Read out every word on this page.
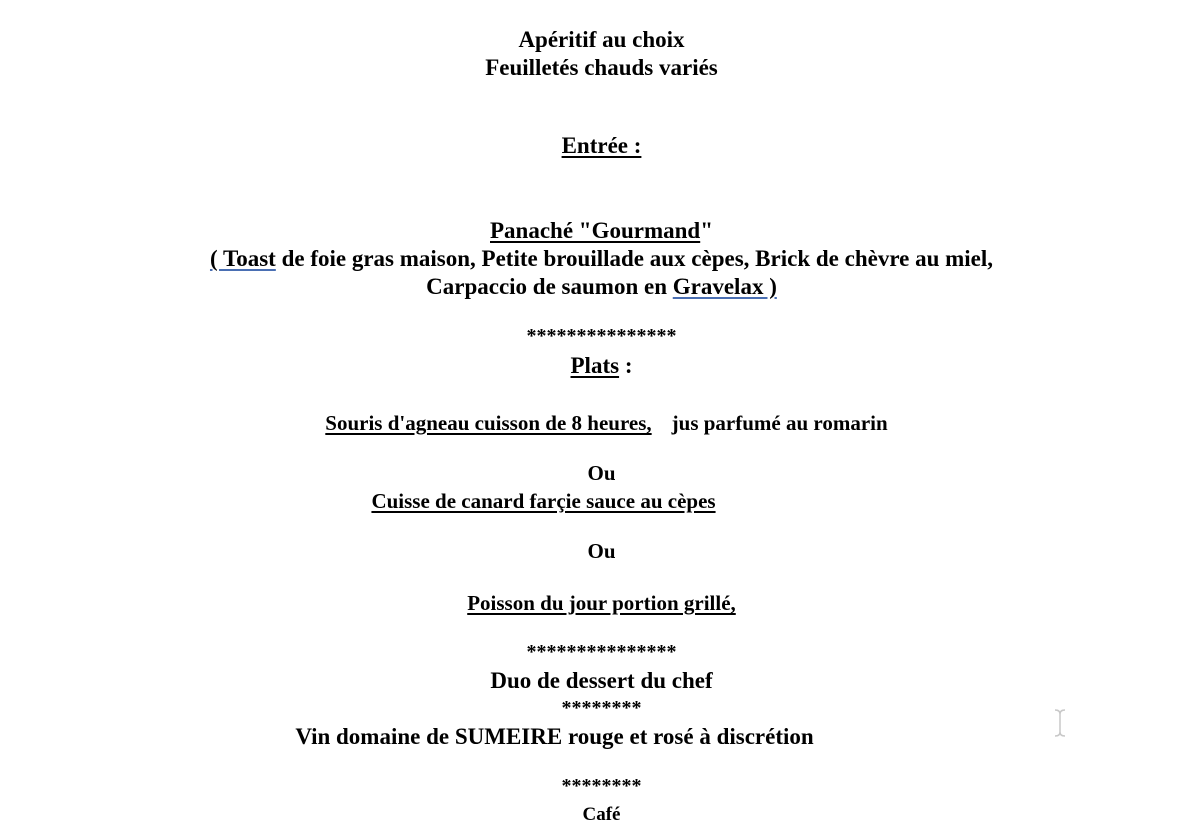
Apéritif au choix
Feuilletés chauds variés
Entrée :
Panaché "Gourmand"
( Toast de foie gras maison, Petite brouillade aux cèpes, Brick de chèvre au miel,
Carpaccio de saumon en Gravelax )
***************
Plats :
Souris d'agneau cuisson de 8 heures, jus parfumé au romarin
Ou
Cuisse de canard farçie sauce au cèpes
Ou
Poisson du jour portion grillé,
***************
Duo de dessert du chef
********
Vin domaine de SUMEIRE rouge et rosé à discrétion
********
Café
